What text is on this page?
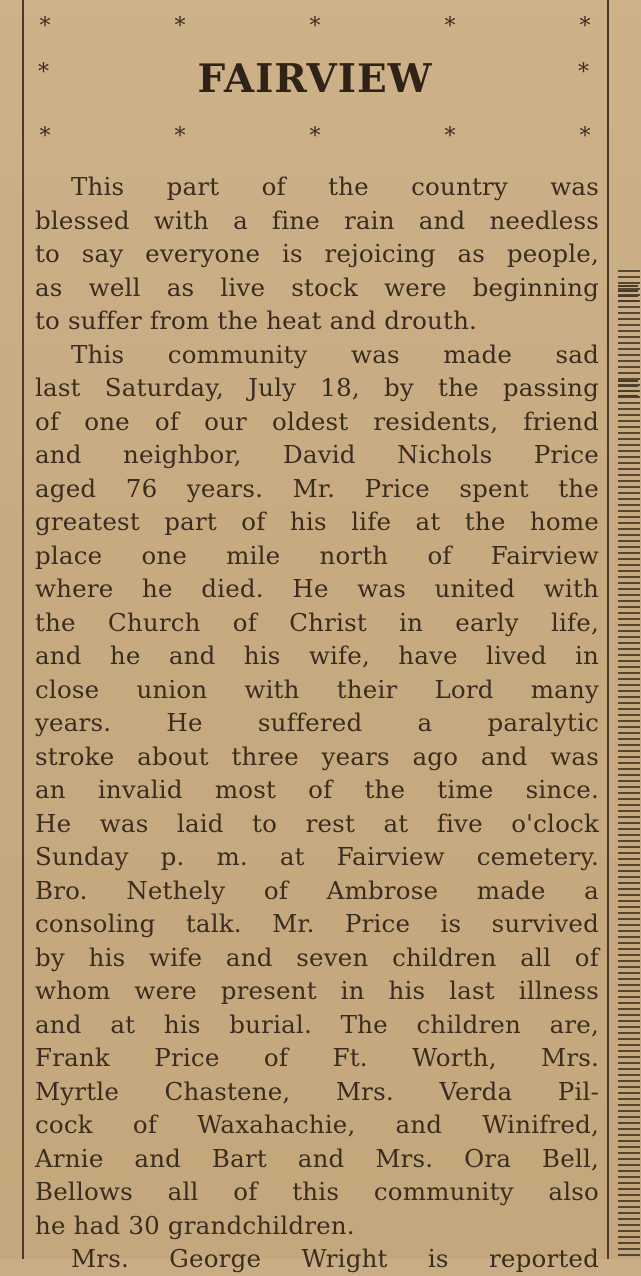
*	*	*	*	*
*	FAIRVIEW	*
*	*	*	*	*
This part of the country was
blessed with a fine rain and needless
to say everyone is rejoicing as people,
as well as live stock were beginning
to suffer from the heat and drouth.
This community was made sad
last Saturday, July 18, by the passing
of one of our oldest residents, friend
and neighbor, David Nichols Price
aged 76 years. Mr. Price spent the
greatest part of his life at the home
place one mile north of Fairview
where he died. He was united with
the Church of Christ in early life,
and he and his wife, have lived in
close union with their Lord many
years. He suffered a paralytic
stroke about three years ago and was
an invalid most of the time since.
He was laid to rest at five o'clock
Sunday p. m. at Fairview cemetery.
Bro. Nethely of Ambrose made a
consoling talk. Mr. Price is survived
by his wife and seven children all of
whom were present in his last illness
and at his burial. The children are,
Frank Price of Ft. Worth, Mrs.
Myrtle Chastene, Mrs. Verda Pil-
cock of Waxahachie, and Winifred,
Arnie and Bart and Mrs. Ora Bell,
Bellows all of this community also
he had 30 grandchildren.
Mrs. George Wright is reported
